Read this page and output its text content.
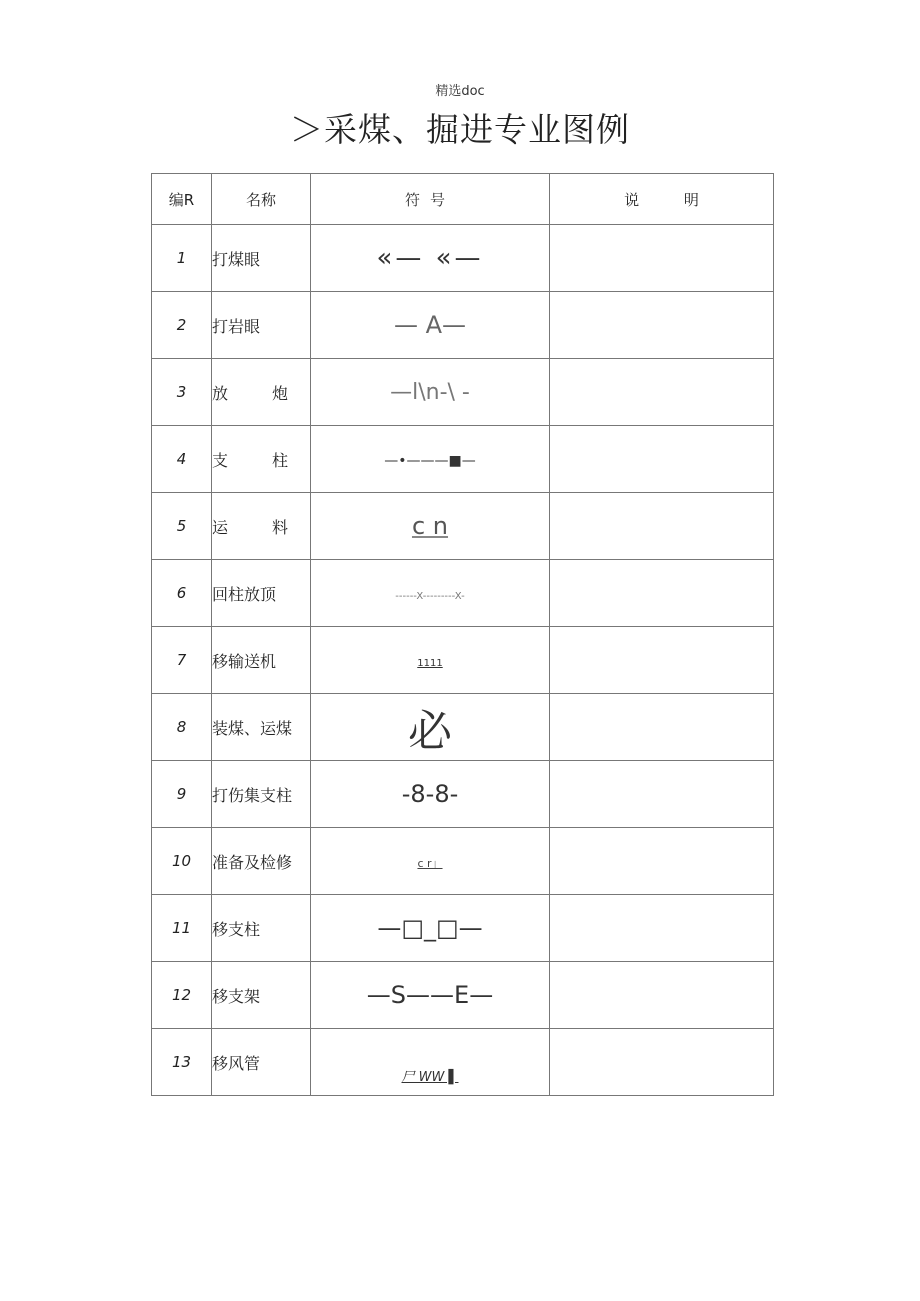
精选doc
＞采煤、掘进专业图例
编R	名称	符号	说 明
1	打煤眼	«— «—	
2	打岩眼	— A—	
3	放 炮	—l\n-\ -	
4	支 柱	—•———■—	
5	运 料	c n	
6	回柱放顶	------X---------X-	
7	移输送机	1111	
8	装煤、运煤	必	
9	打伤集支柱	-8-8-	
10	准备及检修	c r」	
11	移支柱	—□_□—	
12	移支架	—S——E—	
13	移风管	尸 WW ▌	
